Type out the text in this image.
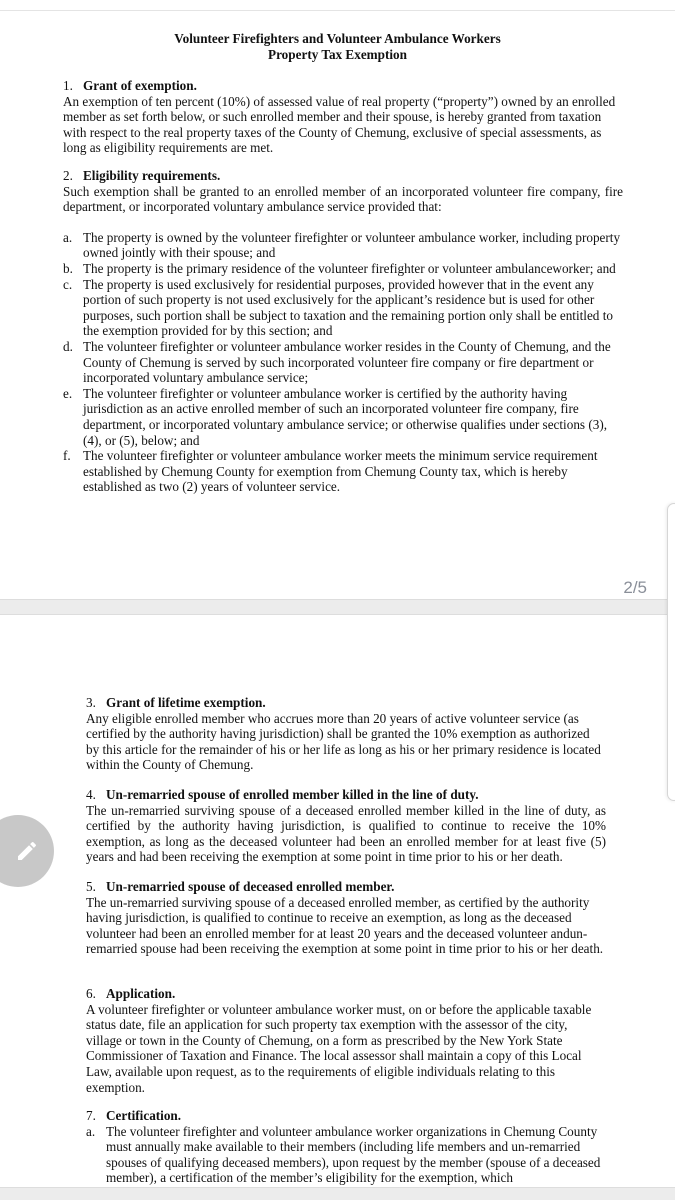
Volunteer Firefighters and Volunteer Ambulance Workers
Property Tax Exemption
1. Grant of exemption.

An exemption of ten percent (10%) of assessed value of real property (“property”) owned by an enrolled member as set forth below, or such enrolled member and their spouse, is hereby granted from taxation with respect to the real property taxes of the County of Chemung, exclusive of special assessments, as long as eligibility requirements are met.

2. Eligibility requirements.

Such exemption shall be granted to an enrolled member of an incorporated volunteer fire company, fire department, or incorporated voluntary ambulance service provided that:

a. The property is owned by the volunteer firefighter or volunteer ambulance worker, including property owned jointly with their spouse; and
b. The property is the primary residence of the volunteer firefighter or volunteer ambulanceworker; and
c. The property is used exclusively for residential purposes, provided however that in the event any portion of such property is not used exclusively for the applicant’s residence but is used for other purposes, such portion shall be subject to taxation and the remaining portion only shall be entitled to the exemption provided for by this section; and
d. The volunteer firefighter or volunteer ambulance worker resides in the County of Chemung, and the County of Chemung is served by such incorporated volunteer fire company or fire department or incorporated voluntary ambulance service;
e. The volunteer firefighter or volunteer ambulance worker is certified by the authority having jurisdiction as an active enrolled member of such an incorporated volunteer fire company, fire department, or incorporated voluntary ambulance service; or otherwise qualifies under sections (3), (4), or (5), below; and
f. The volunteer firefighter or volunteer ambulance worker meets the minimum service requirement established by Chemung County for exemption from Chemung County tax, which is hereby established as two (2) years of volunteer service.
2/5
3. Grant of lifetime exemption.

Any eligible enrolled member who accrues more than 20 years of active volunteer service (as certified by the authority having jurisdiction) shall be granted the 10% exemption as authorized by this article for the remainder of his or her life as long as his or her primary residence is located within the County of Chemung.

4. Un-remarried spouse of enrolled member killed in the line of duty.

The un-remarried surviving spouse of a deceased enrolled member killed in the line of duty, as certified by the authority having jurisdiction, is qualified to continue to receive the 10% exemption, as long as the deceased volunteer had been an enrolled member for at least five (5) years and had been receiving the exemption at some point in time prior to his or her death.

5. Un-remarried spouse of deceased enrolled member.

The un-remarried surviving spouse of a deceased enrolled member, as certified by the authority having jurisdiction, is qualified to continue to receive an exemption, as long as the deceased volunteer had been an enrolled member for at least 20 years and the deceased volunteer andun-remarried spouse had been receiving the exemption at some point in time prior to his or her death.

6. Application.

A volunteer firefighter or volunteer ambulance worker must, on or before the applicable taxable status date, file an application for such property tax exemption with the assessor of the city, village or town in the County of Chemung, on a form as prescribed by the New York State Commissioner of Taxation and Finance. The local assessor shall maintain a copy of this Local Law, available upon request, as to the requirements of eligible individuals relating to this exemption.

7. Certification.
a. The volunteer firefighter and volunteer ambulance worker organizations in Chemung County must annually make available to their members (including life members and un-remarried spouses of qualifying deceased members), upon request by the member (spouse of a deceased member), a certification of the member’s eligibility for the exemption, which
